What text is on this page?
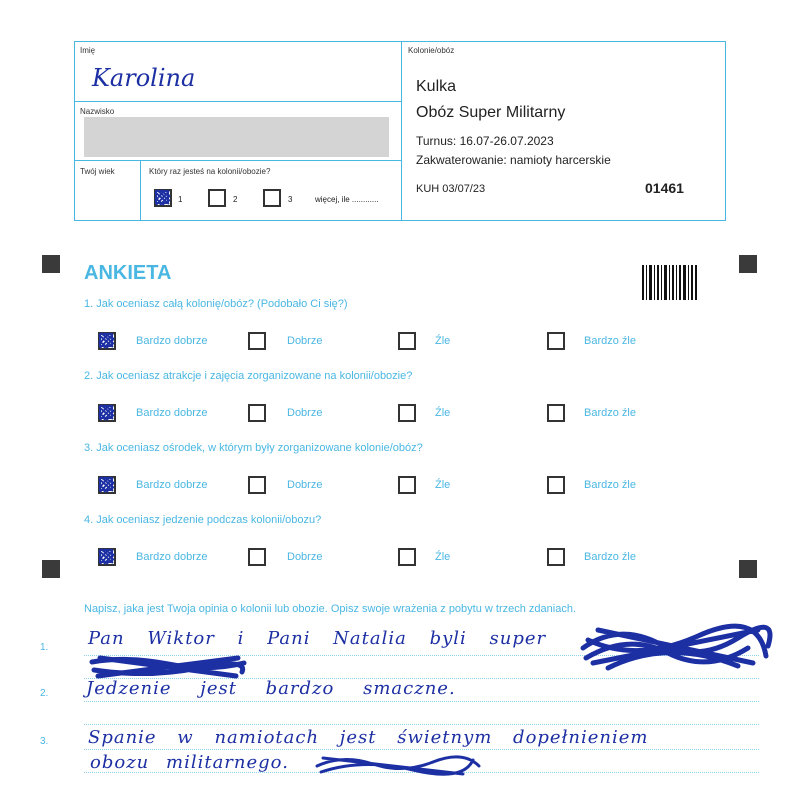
Imię
Karolina
Nazwisko
Twój wiek	Który raz jesteś na kolonii/obozie?
1	2	3	więcej, ile ............
Kolonie/obóz
Kulka
Obóz Super Militarny
Turnus: 16.07-26.07.2023
Zakwaterowanie: namioty harcerskie
KUH 03/07/23	01461
ANKIETA
1. Jak oceniasz całą kolonię/obóz? (Podobało Ci się?)
Bardzo dobrze	Dobrze	Źle	Bardzo źle
2. Jak oceniasz atrakcje i zajęcia zorganizowane na kolonii/obozie?
Bardzo dobrze	Dobrze	Źle	Bardzo źle
3. Jak oceniasz ośrodek, w którym były zorganizowane kolonie/obóz?
Bardzo dobrze	Dobrze	Źle	Bardzo źle
4. Jak oceniasz jedzenie podczas kolonii/obozu?
Bardzo dobrze	Dobrze	Źle	Bardzo źle
Napisz, jaka jest Twoja opinia o kolonii lub obozie. Opisz swoje wrażenia z pobytu w trzech zdaniach.
1.
2.
3.
Pan Wiktor i Pani Natalia byli super
Jedzenie jest bardzo smaczne.
Spanie w namiotach jest świetnym dopełnieniem
obozu militarnego.
